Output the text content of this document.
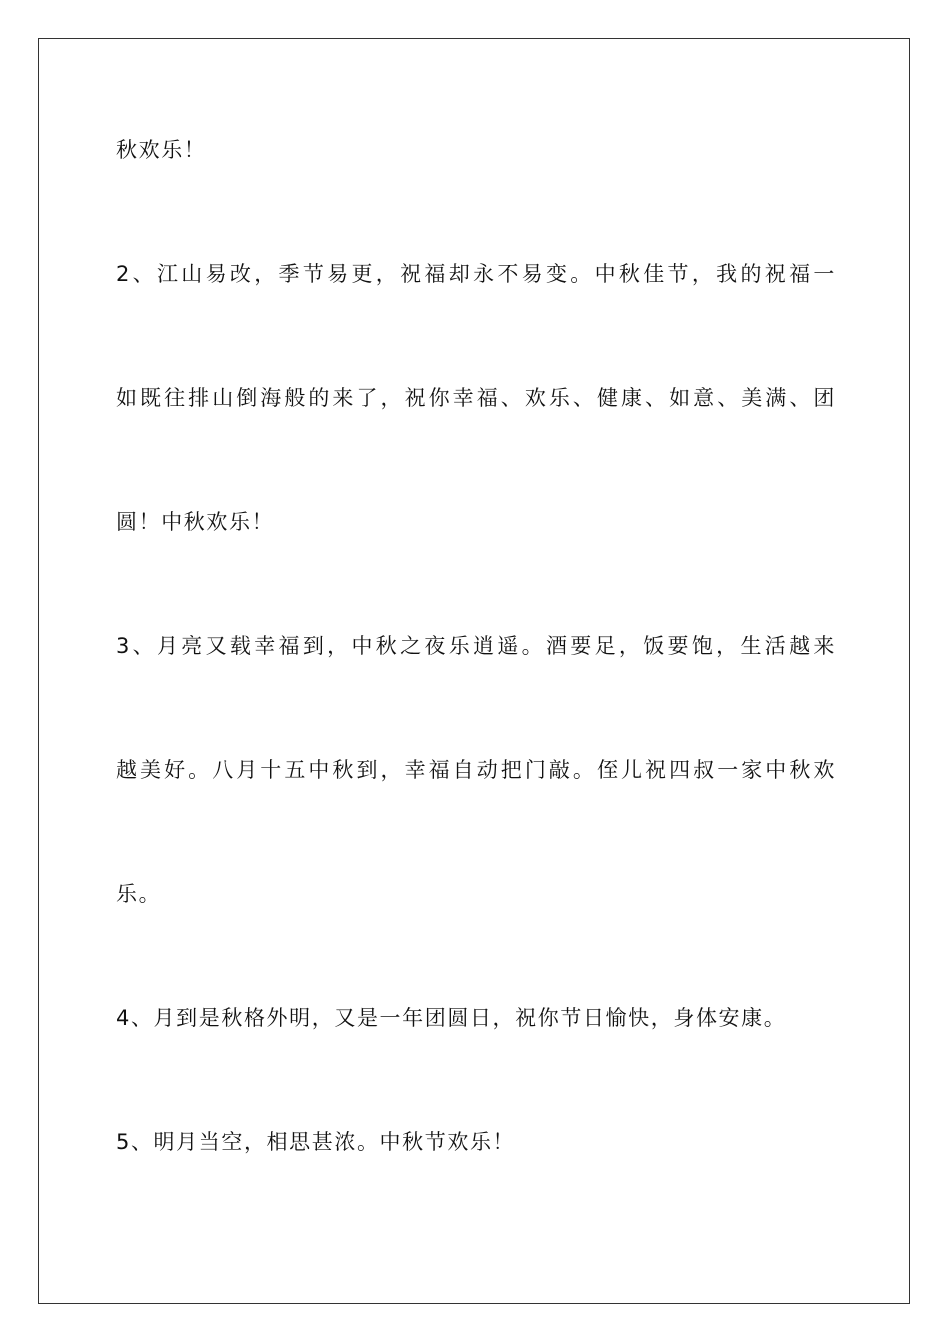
秋欢乐！
2、江山易改，季节易更，祝福却永不易变。中秋佳节，我的祝福一
如既往排山倒海般的来了，祝你幸福、欢乐、健康、如意、美满、团
圆！中秋欢乐！
3、月亮又载幸福到，中秋之夜乐逍遥。酒要足，饭要饱，生活越来
越美好。八月十五中秋到，幸福自动把门敲。侄儿祝四叔一家中秋欢
乐。
4、月到是秋格外明，又是一年团圆日，祝你节日愉快，身体安康。
5、明月当空，相思甚浓。中秋节欢乐！
